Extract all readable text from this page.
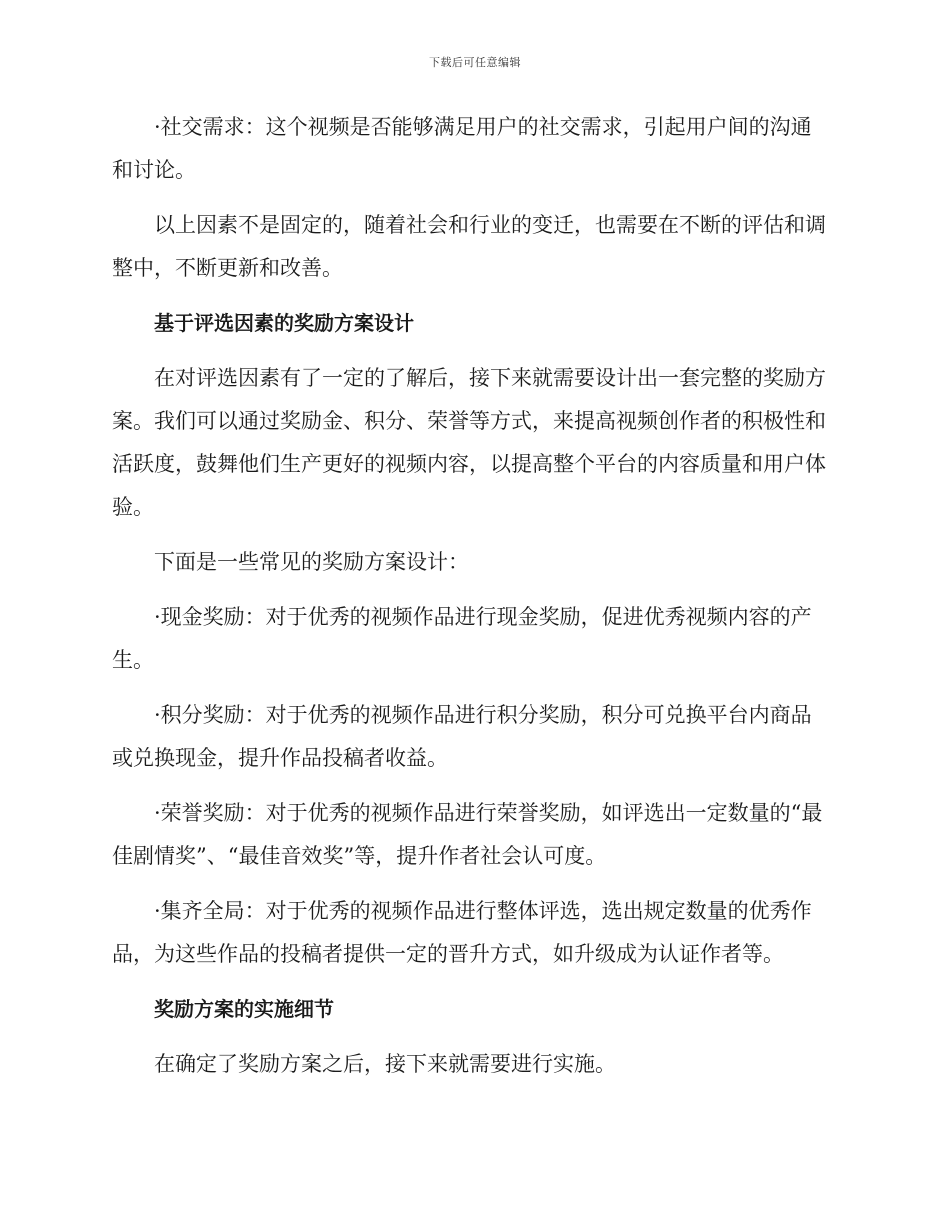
下载后可任意编辑

·社交需求：这个视频是否能够满足用户的社交需求，引起用户间的沟通和讨论。

以上因素不是固定的，随着社会和行业的变迁，也需要在不断的评估和调整中，不断更新和改善。

基于评选因素的奖励方案设计

在对评选因素有了一定的了解后，接下来就需要设计出一套完整的奖励方案。我们可以通过奖励金、积分、荣誉等方式，来提高视频创作者的积极性和活跃度，鼓舞他们生产更好的视频内容，以提高整个平台的内容质量和用户体验。

下面是一些常见的奖励方案设计：

·现金奖励：对于优秀的视频作品进行现金奖励，促进优秀视频内容的产生。

·积分奖励：对于优秀的视频作品进行积分奖励，积分可兑换平台内商品或兑换现金，提升作品投稿者收益。

·荣誉奖励：对于优秀的视频作品进行荣誉奖励，如评选出一定数量的“最佳剧情奖”、“最佳音效奖”等，提升作者社会认可度。

·集齐全局：对于优秀的视频作品进行整体评选，选出规定数量的优秀作品，为这些作品的投稿者提供一定的晋升方式，如升级成为认证作者等。

奖励方案的实施细节

在确定了奖励方案之后，接下来就需要进行实施。
